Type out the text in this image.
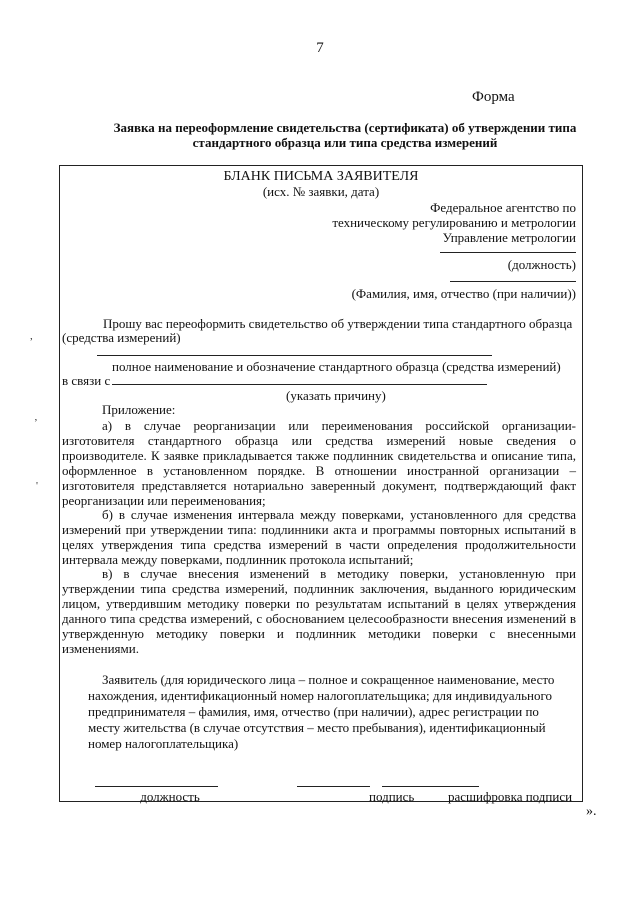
7
Форма
Заявка на переоформление свидетельства (сертификата) об утверждении типа
стандартного образца или типа средства измерений
БЛАНК ПИСЬМА ЗАЯВИТЕЛЯ
(исх. № заявки, дата)
Федеральное агентство по
техническому регулированию и метрологии
Управление метрологии
(должность)
(Фамилия, имя, отчество (при наличии))
Прошу вас переоформить свидетельство об утверждении типа стандартного образца
(средства измерений)
полное наименование и обозначение стандартного образца (средства измерений)
в связи с
(указать причину)
Приложение:
а) в случае реорганизации или переименования российской организации-изготовителя стандартного образца или средства измерений новые сведения о производителе. К заявке прикладывается также подлинник свидетельства и описание типа, оформленное в установленном порядке. В отношении иностранной организации – изготовителя представляется нотариально заверенный документ, подтверждающий факт реорганизации или переименования;
б) в случае изменения интервала между поверками, установленного для средства измерений при утверждении типа: подлинники акта и программы повторных испытаний в целях утверждения типа средства измерений в части определения продолжительности интервала между поверками, подлинник протокола испытаний;
в) в случае внесения изменений в методику поверки, установленную при утверждении типа средства измерений, подлинник заключения, выданного юридическим лицом, утвердившим методику поверки по результатам испытаний в целях утверждения данного типа средства измерений, с обоснованием целесообразности внесения изменений в утвержденную методику поверки и подлинник методики поверки с внесенными изменениями.
Заявитель (для юридического лица – полное и сокращенное наименование, место нахождения, идентификационный номер налогоплательщика; для индивидуального предпринимателя – фамилия, имя, отчество (при наличии), адрес регистрации по месту жительства (в случае отсутствия – место пребывания), идентификационный номер налогоплательщика)
должность	подпись	расшифровка подписи
».
,
’
'
